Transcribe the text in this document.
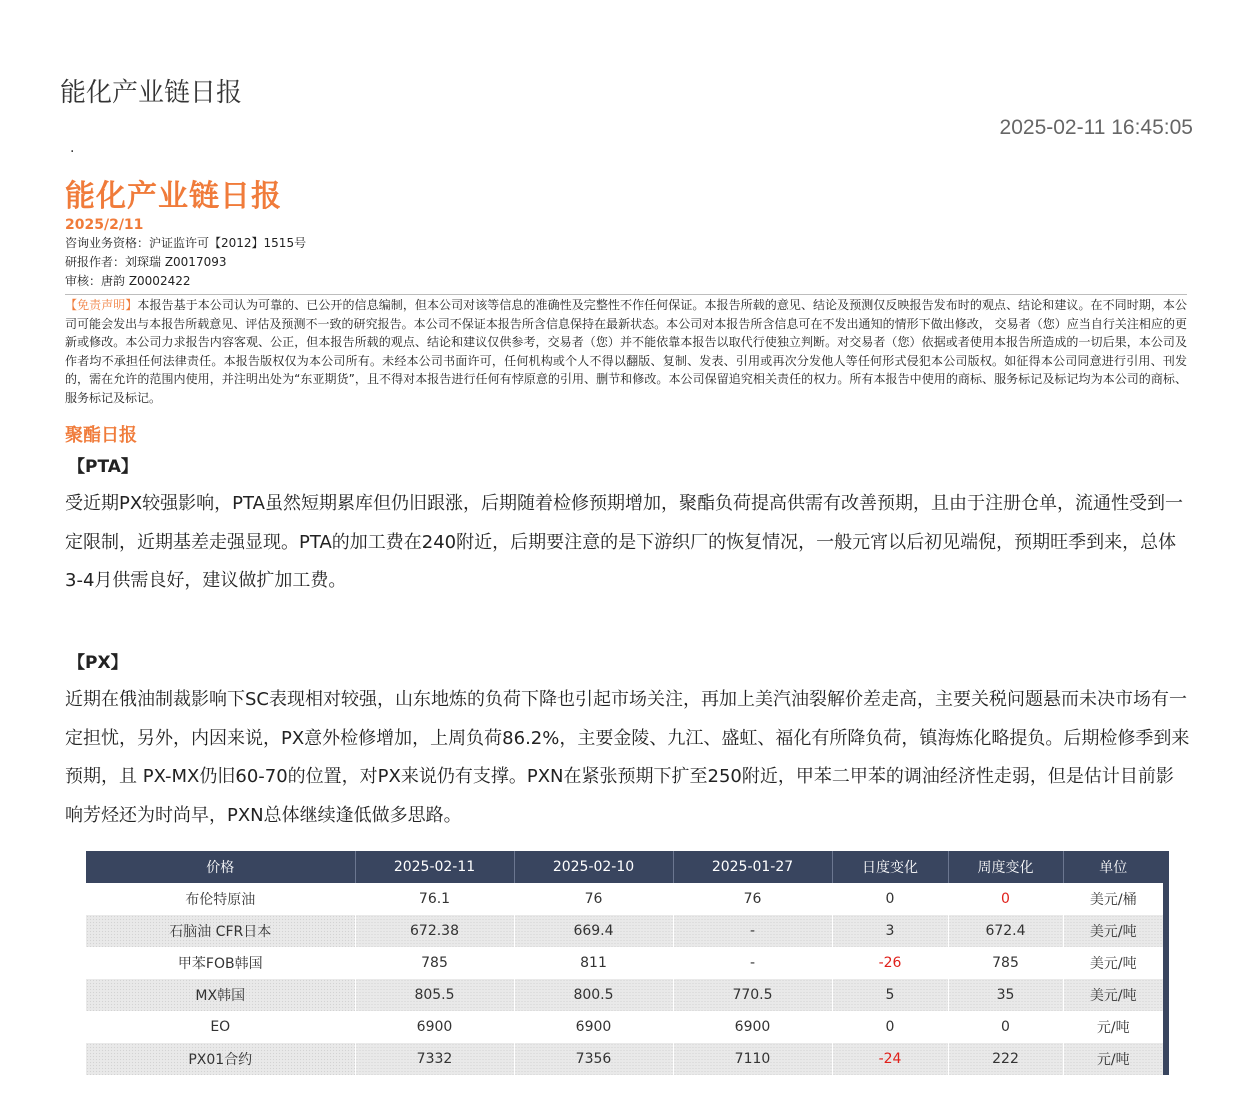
能化产业链日报
2025-02-11 16:45:05
.
能化产业链日报
2025/2/11
咨询业务资格：沪证监许可【2012】1515号
研报作者：刘琛瑞 Z0017093
审核：唐韵 Z0002422
【免责声明】本报告基于本公司认为可靠的、已公开的信息编制，但本公司对该等信息的准确性及完整性不作任何保证。本报告所载的意见、结论及预测仅反映报告发布时的观点、结论和建议。在不同时期，本公司可能会发出与本报告所载意见、评估及预测不一致的研究报告。本公司不保证本报告所含信息保持在最新状态。本公司对本报告所含信息可在不发出通知的情形下做出修改， 交易者（您）应当自行关注相应的更新或修改。本公司力求报告内容客观、公正，但本报告所载的观点、结论和建议仅供参考，交易者（您）并不能依靠本报告以取代行使独立判断。对交易者（您）依据或者使用本报告所造成的一切后果，本公司及作者均不承担任何法律责任。本报告版权仅为本公司所有。未经本公司书面许可，任何机构或个人不得以翻版、复制、发表、引用或再次分发他人等任何形式侵犯本公司版权。如征得本公司同意进行引用、刊发的，需在允许的范围内使用，并注明出处为“东亚期货”，且不得对本报告进行任何有悖原意的引用、删节和修改。本公司保留追究相关责任的权力。所有本报告中使用的商标、服务标记及标记均为本公司的商标、服务标记及标记。
聚酯日报
【PTA】
受近期PX较强影响，PTA虽然短期累库但仍旧跟涨，后期随着检修预期增加，聚酯负荷提高供需有改善预期，且由于注册仓单，流通性受到一定限制，近期基差走强显现。PTA的加工费在240附近，后期要注意的是下游织厂的恢复情况，一般元宵以后初见端倪，预期旺季到来，总体3-4月供需良好，建议做扩加工费。
【PX】
近期在俄油制裁影响下SC表现相对较强，山东地炼的负荷下降也引起市场关注，再加上美汽油裂解价差走高，主要关税问题悬而未决市场有一定担忧，另外，内因来说，PX意外检修增加，上周负荷86.2%，主要金陵、九江、盛虹、福化有所降负荷，镇海炼化略提负。后期检修季到来预期，且 PX-MX仍旧60-70的位置，对PX来说仍有支撑。PXN在紧张预期下扩至250附近，甲苯二甲苯的调油经济性走弱，但是估计目前影响芳烃还为时尚早，PXN总体继续逢低做多思路。
价格	2025-02-11	2025-02-10	2025-01-27	日度变化	周度变化	单位
布伦特原油	76.1	76	76	0	0	美元/桶
石脑油 CFR日本	672.38	669.4	-	3	672.4	美元/吨
甲苯FOB韩国	785	811	-	-26	785	美元/吨
MX韩国	805.5	800.5	770.5	5	35	美元/吨
EO	6900	6900	6900	0	0	元/吨
PX01合约	7332	7356	7110	-24	222	元/吨
